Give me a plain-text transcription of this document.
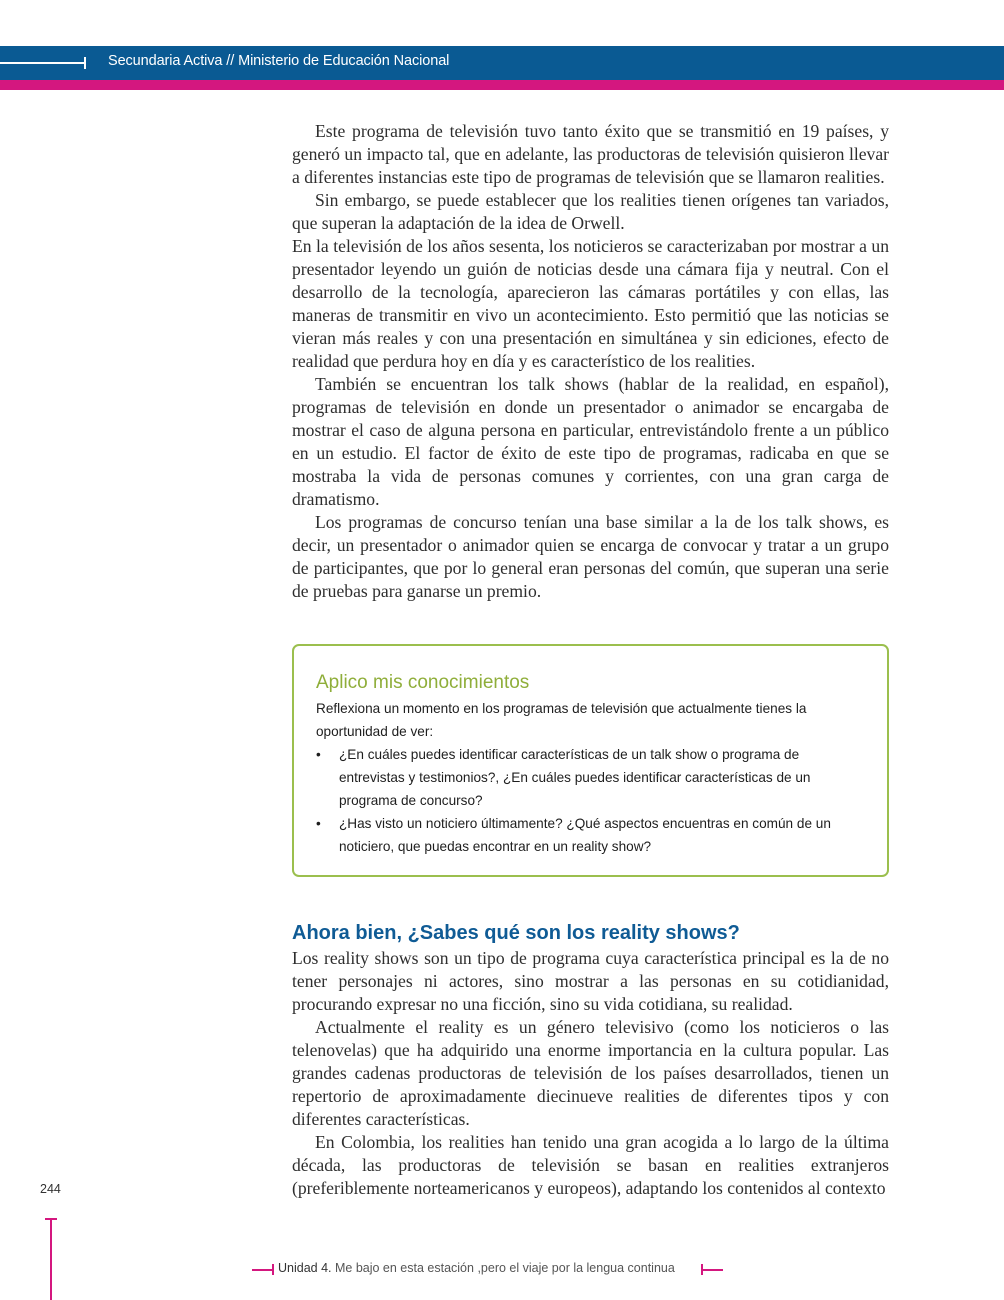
Secundaria Activa // Ministerio de Educación Nacional

Este programa de televisión tuvo tanto éxito que se transmitió en 19 países, y generó un impacto tal, que en adelante, las productoras de televisión quisieron llevar a diferentes instancias este tipo de programas de televisión que se llamaron realities.

Sin embargo, se puede establecer que los realities tienen orígenes tan variados, que superan la adaptación de la idea de Orwell.

En la televisión de los años sesenta, los noticieros se caracterizaban por mostrar a un presentador leyendo un guión de noticias desde una cámara fija y neutral. Con el desarrollo de la tecnología, aparecieron las cámaras portátiles y con ellas, las maneras de transmitir en vivo un acontecimiento. Esto permitió que las noticias se vieran más reales y con una presentación en simultánea y sin ediciones, efecto de realidad que perdura hoy en día y es característico de los realities.

También se encuentran los talk shows (hablar de la realidad, en español), programas de televisión en donde un presentador o animador se encargaba de mostrar el caso de alguna persona en particular, entrevistándolo frente a un público en un estudio. El factor de éxito de este tipo de programas, radicaba en que se mostraba la vida de personas comunes y corrientes, con una gran carga de dramatismo.

Los programas de concurso tenían una base similar a la de los talk shows, es decir, un presentador o animador quien se encarga de convocar y tratar a un grupo de participantes, que por lo general eran personas del común, que superan una serie de pruebas para ganarse un premio.

Aplico mis conocimientos

Reflexiona un momento en los programas de televisión que actualmente tienes la oportunidad de ver:

• ¿En cuáles puedes identificar características de un talk show o programa de entrevistas y testimonios?, ¿En cuáles puedes identificar características de un programa de concurso?
• ¿Has visto un noticiero últimamente? ¿Qué aspectos encuentras en común de un noticiero, que puedas encontrar en un reality show?
Ahora bien, ¿Sabes qué son los reality shows?

Los reality shows son un tipo de programa cuya característica principal es la de no tener personajes ni actores, sino mostrar a las personas en su cotidianidad, procurando expresar no una ficción, sino su vida cotidiana, su realidad.

Actualmente el reality es un género televisivo (como los noticieros o las telenovelas) que ha adquirido una enorme importancia en la cultura popular. Las grandes cadenas productoras de televisión de los países desarrollados, tienen un repertorio de aproximadamente diecinueve realities de diferentes tipos y con diferentes características.

En Colombia, los realities han tenido una gran acogida a lo largo de la última década, las productoras de televisión se basan en realities extranjeros (preferiblemente norteamericanos y europeos), adaptando los contenidos al contexto

244
Unidad 4. Me bajo en esta estación ,pero el viaje por la lengua continua
